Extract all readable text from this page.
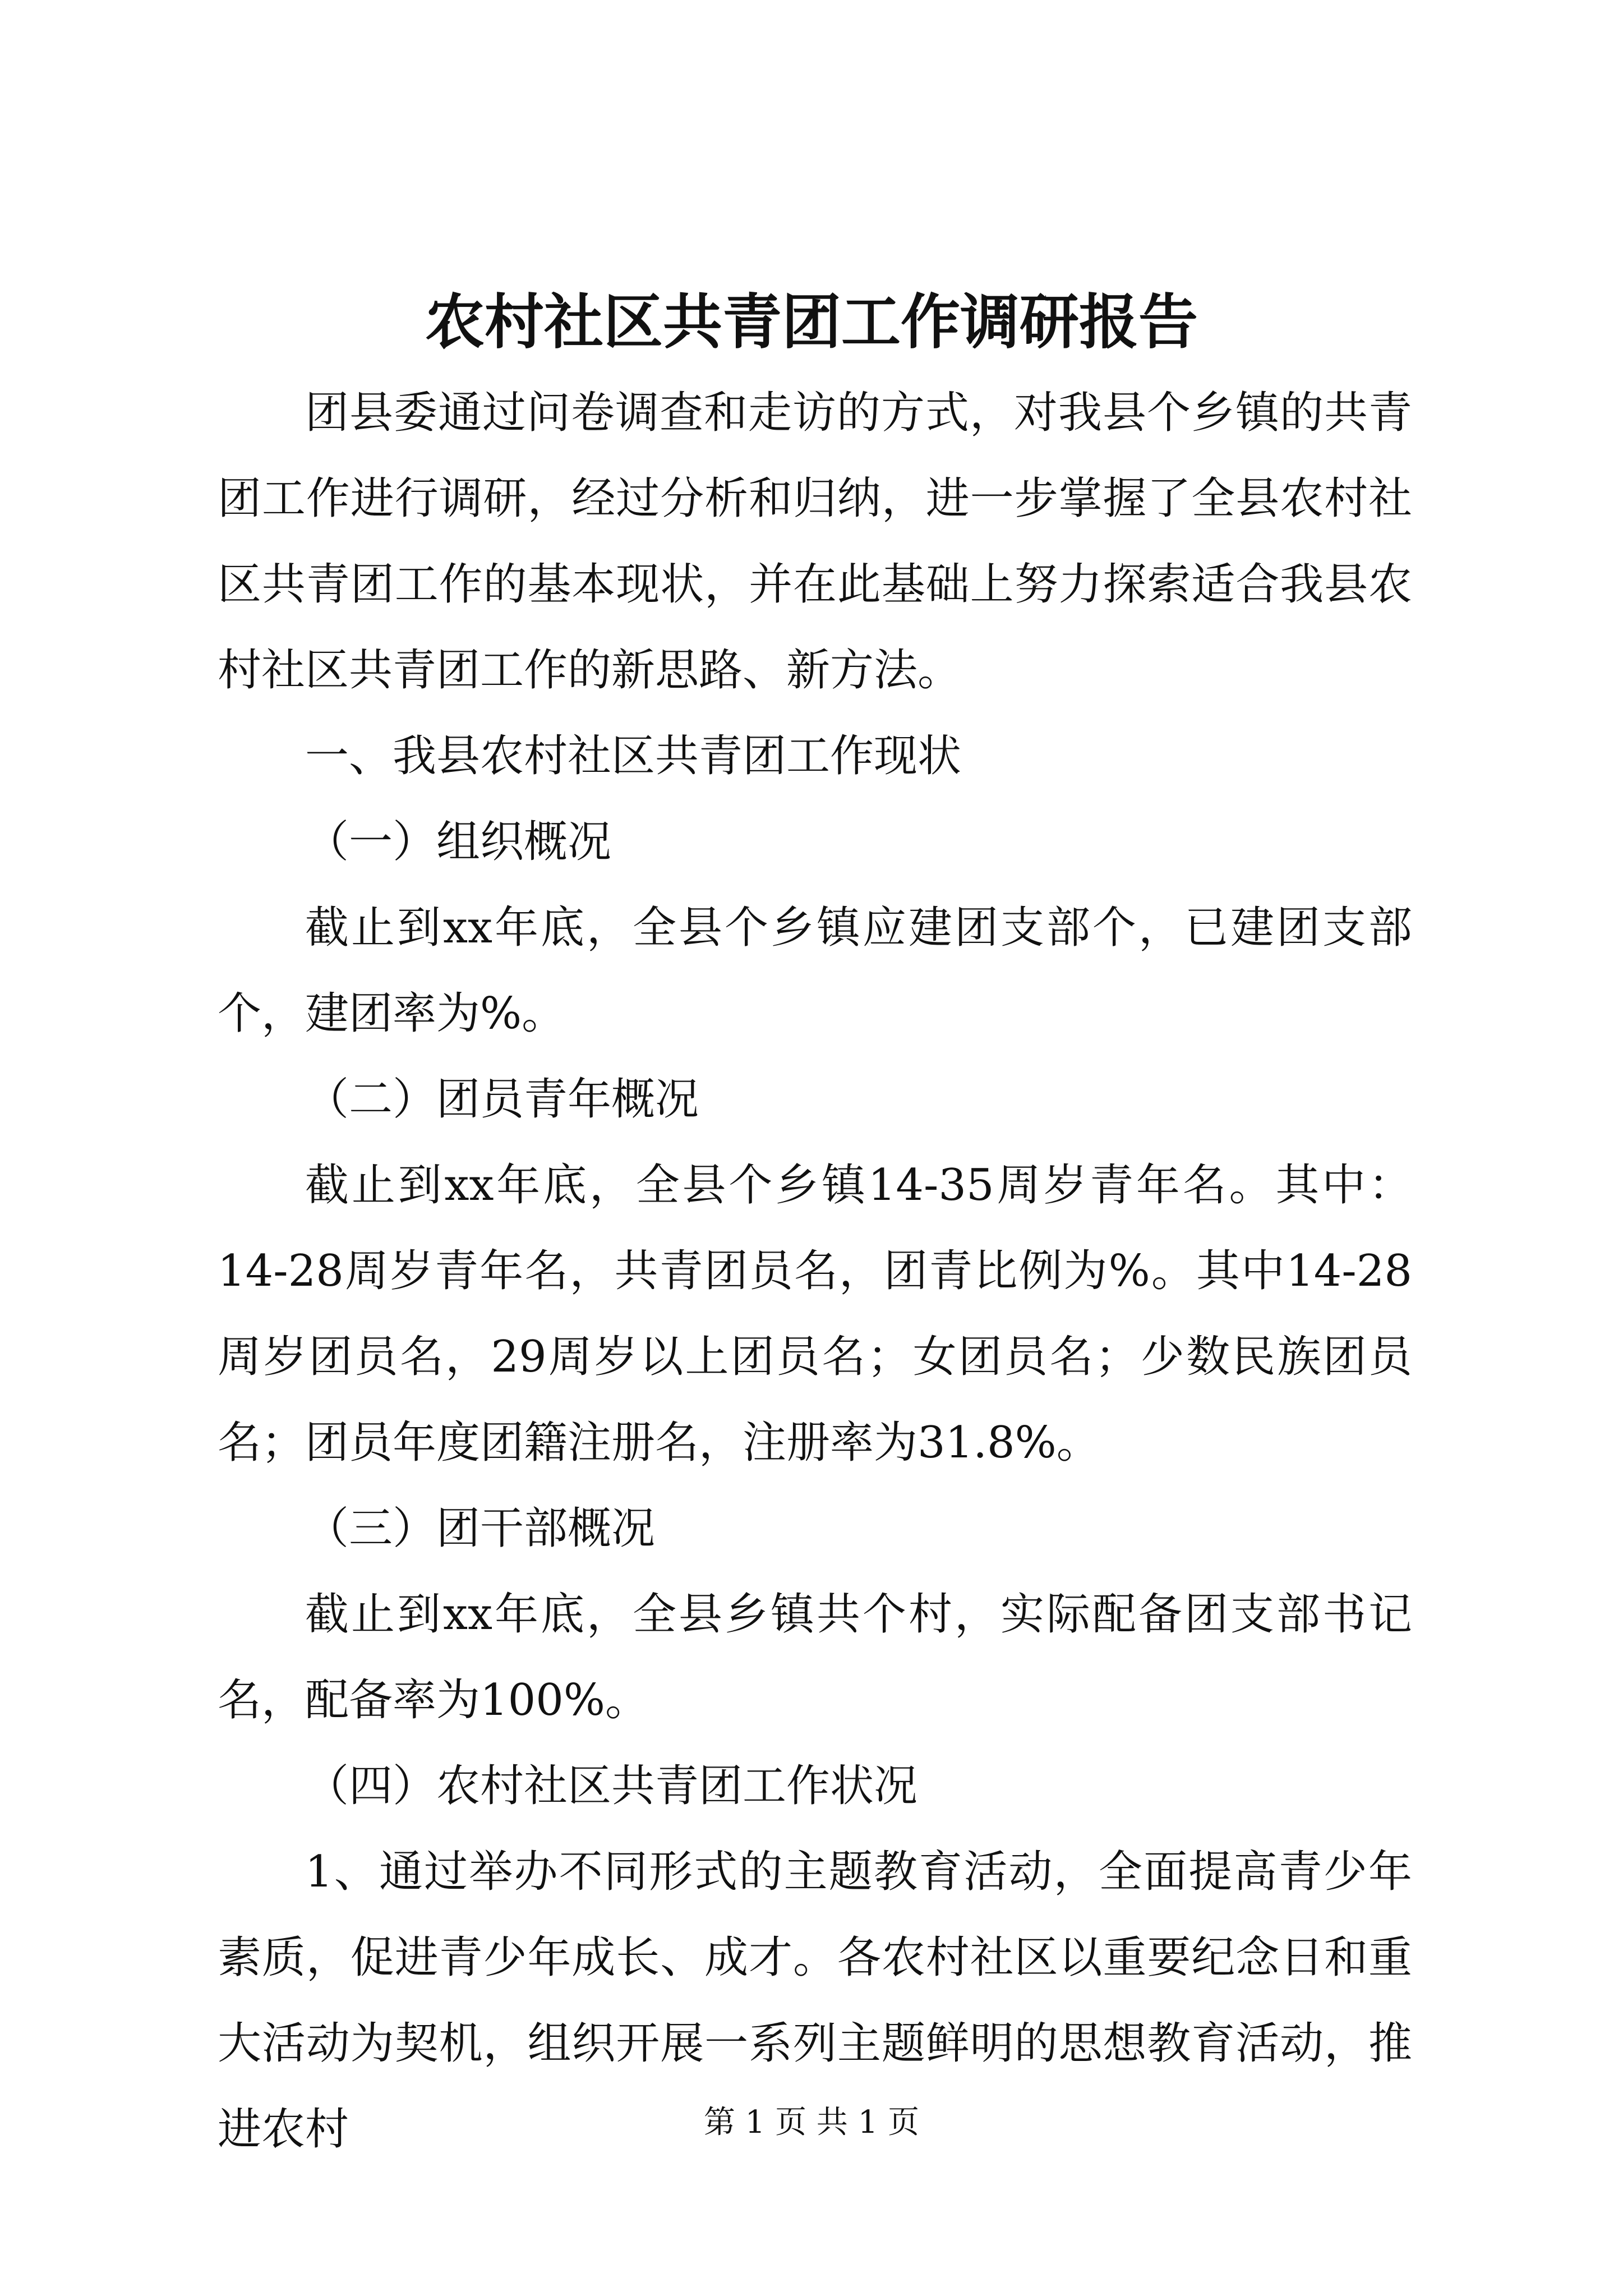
农村社区共青团工作调研报告

团县委通过问卷调查和走访的方式，对我县个乡镇的共青团工作进行调研，经过分析和归纳，进一步掌握了全县农村社区共青团工作的基本现状，并在此基础上努力探索适合我县农村社区共青团工作的新思路、新方法。

一、我县农村社区共青团工作现状

（一）组织概况

截止到xx年底，全县个乡镇应建团支部个，已建团支部个，建团率为%。

（二）团员青年概况

截止到xx年底，全县个乡镇14-35周岁青年名。其中：14-28周岁青年名，共青团员名，团青比例为%。其中14-28周岁团员名，29周岁以上团员名；女团员名；少数民族团员名；团员年度团籍注册名，注册率为31.8%。

（三）团干部概况

截止到xx年底，全县乡镇共个村，实际配备团支部书记名，配备率为100%。

（四）农村社区共青团工作状况

1、通过举办不同形式的主题教育活动，全面提高青少年素质，促进青少年成长、成才。各农村社区以重要纪念日和重大活动为契机，组织开展一系列主题鲜明的思想教育活动，推进农村	第 1 页 共 1 页
